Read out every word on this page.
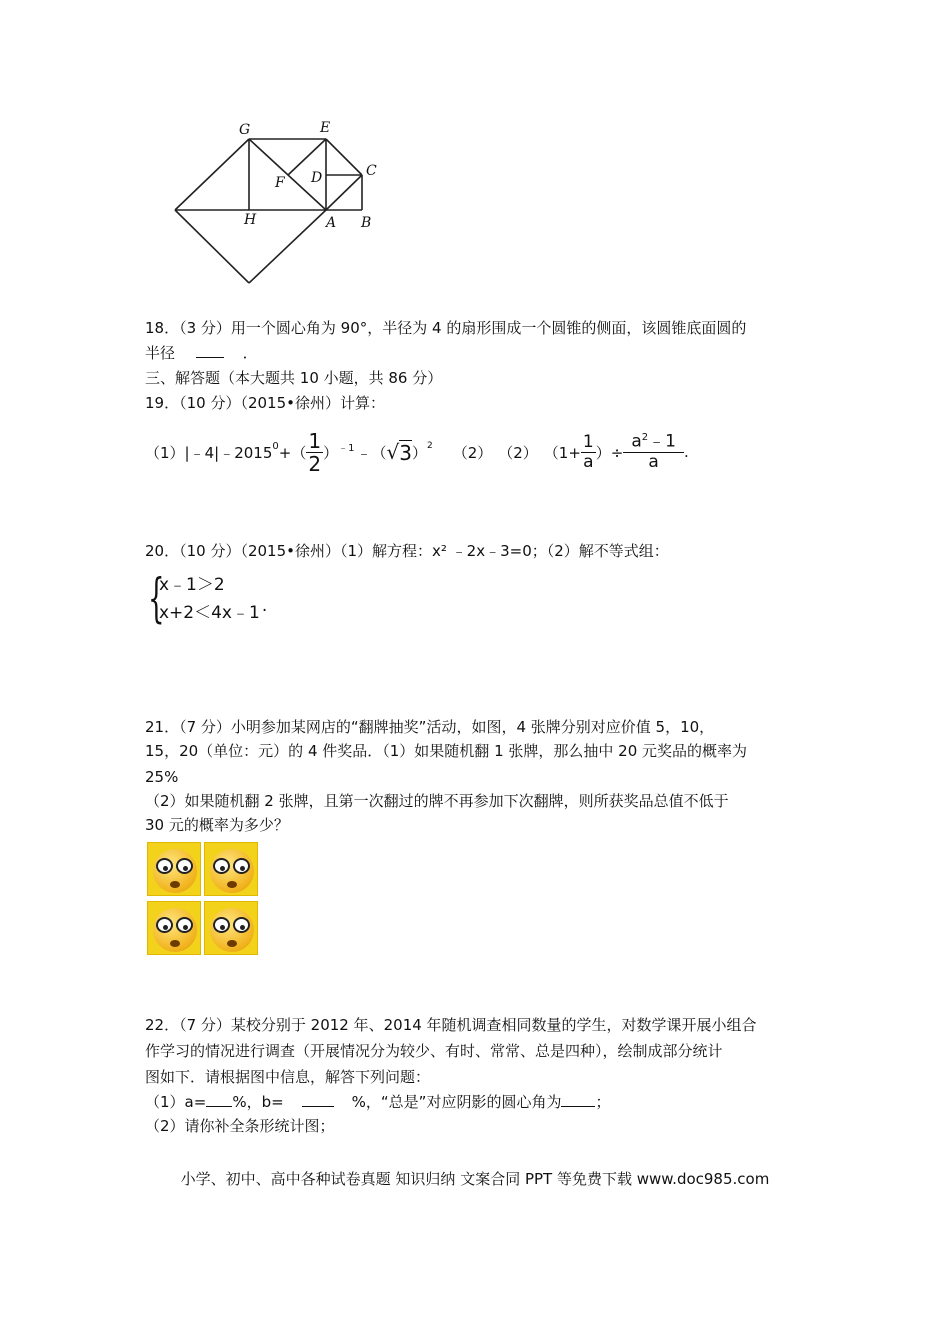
G	E
C
D
F
H	A B
18．（3 分）用一个圆心角为 90°，半径为 4 的扇形围成一个圆锥的侧面，该圆锥底面圆的
半径	．
三、解答题（本大题共 10 小题，共 86 分）
19．（10 分）（2015•徐州）计算：
$(1)|﹣4|﹣2015^0$ +（ $\frac{1}{2} )^{﹣1}$ ﹣（ √ 3 ）$^2$ （2） （2） （$1+ \frac{1}{a}$ ）÷ $\frac{a^2﹣1}{a}$ .
20．（10 分）（2015•徐州）（1）解方程：x² ﹣2x﹣3=0；（2）解不等式组：
{
x﹣1＞2
x+2＜4x﹣1 .
21．（7 分）小明参加某网店的“翻牌抽奖”活动，如图，4 张牌分别对应价值 5，10，
15，20（单位：元）的 4 件奖品．（1）如果随机翻 1 张牌，那么抽中 20 元奖品的概率为
25%
（2）如果随机翻 2 张牌，且第一次翻过的牌不再参加下次翻牌，则所获奖品总值不低于
30 元的概率为多少？
22．（7 分）某校分别于 2012 年、2014 年随机调查相同数量的学生，对数学课开展小组合
作学习的情况进行调查（开展情况分为较少、有时、常常、总是四种），绘制成部分统计
图如下．请根据图中信息，解答下列问题：
（1）a= %，b=	%，“总是”对应阴影的圆心角为 ；
（2）请你补全条形统计图；
小学、初中、高中各种试卷真题 知识归纳 文案合同 PPT 等免费下载 www.doc985.com
